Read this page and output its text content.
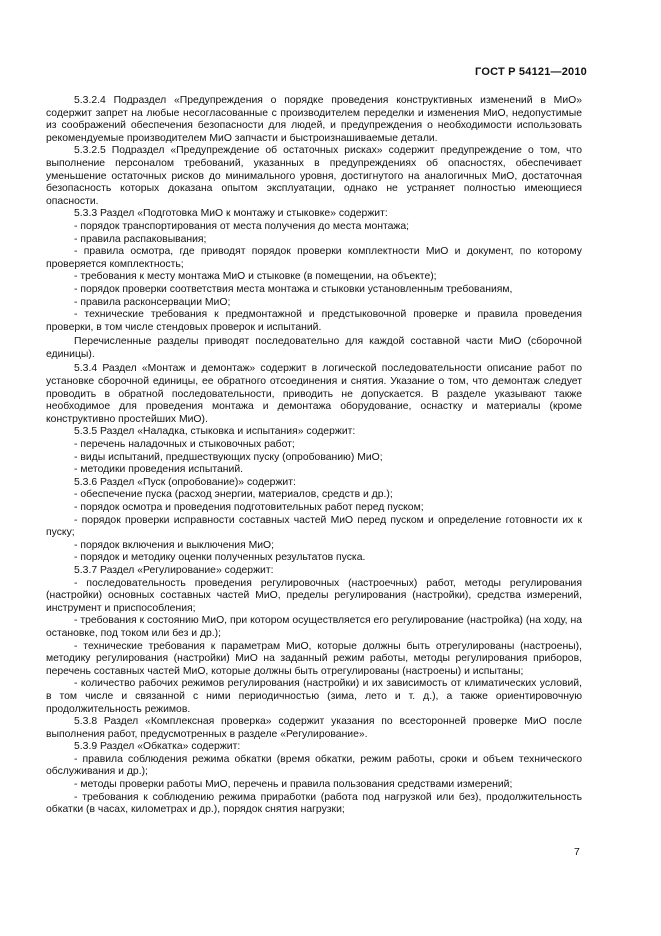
ГОСТ Р 54121—2010

5.3.2.4 Подраздел «Предупреждения о порядке проведения конструктивных изменений в МиО» содержит запрет на любые несогласованные с производителем переделки и изменения МиО, недопустимые из соображений обеспечения безопасности для людей, и предупреждения о необходимости использовать рекомендуемые производителем МиО запчасти и быстроизнашиваемые детали.

5.3.2.5 Подраздел «Предупреждение об остаточных рисках» содержит предупреждение о том, что выполнение персоналом требований, указанных в предупреждениях об опасностях, обеспечивает уменьшение остаточных рисков до минимального уровня, достигнутого на аналогичных МиО, достаточная безопасность которых доказана опытом эксплуатации, однако не устраняет полностью имеющиеся опасности.

5.3.3 Раздел «Подготовка МиО к монтажу и стыковке» содержит:

- порядок транспортирования от места получения до места монтажа;

- правила распаковывания;

- правила осмотра, где приводят порядок проверки комплектности МиО и документ, по которому проверяется комплектность;

- требования к месту монтажа МиО и стыковке (в помещении, на объекте);

- порядок проверки соответствия места монтажа и стыковки установленным требованиям,

- правила расконсервации МиО;

- технические требования к предмонтажной и предстыковочной проверке и правила проведения проверки, в том числе стендовых проверок и испытаний.

Перечисленные разделы приводят последовательно для каждой составной части МиО (сборочной единицы).

5.3.4 Раздел «Монтаж и демонтаж» содержит в логической последовательности описание работ по установке сборочной единицы, ее обратного отсоединения и снятия. Указание о том, что демонтаж следует проводить в обратной последовательности, приводить не допускается. В разделе указывают также необходимое для проведения монтажа и демонтажа оборудование, оснастку и материалы (кроме конструктивно простейших МиО).

5.3.5 Раздел «Наладка, стыковка и испытания» содержит:

- перечень наладочных и стыковочных работ;

- виды испытаний, предшествующих пуску (опробованию) МиО;

- методики проведения испытаний.

5.3.6 Раздел «Пуск (опробование)» содержит:

- обеспечение пуска (расход энергии, материалов, средств и др.);

- порядок осмотра и проведения подготовительных работ перед пуском;

- порядок проверки исправности составных частей МиО перед пуском и определение готовности их к пуску;

- порядок включения и выключения МиО;

- порядок и методику оценки полученных результатов пуска.

5.3.7 Раздел «Регулирование» содержит:

- последовательность проведения регулировочных (настроечных) работ, методы регулирования (настройки) основных составных частей МиО, пределы регулирования (настройки), средства измерений, инструмент и приспособления;

- требования к состоянию МиО, при котором осуществляется его регулирование (настройка) (на ходу, на остановке, под током или без и др.);

- технические требования к параметрам МиО, которые должны быть отрегулированы (настроены), методику регулирования (настройки) МиО на заданный режим работы, методы регулирования приборов, перечень составных частей МиО, которые должны быть отрегулированы (настроены) и испытаны;

- количество рабочих режимов регулирования (настройки) и их зависимость от климатических условий, в том числе и связанной с ними периодичностью (зима, лето и т. д.), а также ориентировочную продолжительность режимов.

5.3.8 Раздел «Комплексная проверка» содержит указания по всесторонней проверке МиО после выполнения работ, предусмотренных в разделе «Регулирование».

5.3.9 Раздел «Обкатка» содержит:

- правила соблюдения режима обкатки (время обкатки, режим работы, сроки и объем технического обслуживания и др.);

- методы проверки работы МиО, перечень и правила пользования средствами измерений;

- требования к соблюдению режима приработки (работа под нагрузкой или без), продолжительность обкатки (в часах, километрах и др.), порядок снятия нагрузки;

7
